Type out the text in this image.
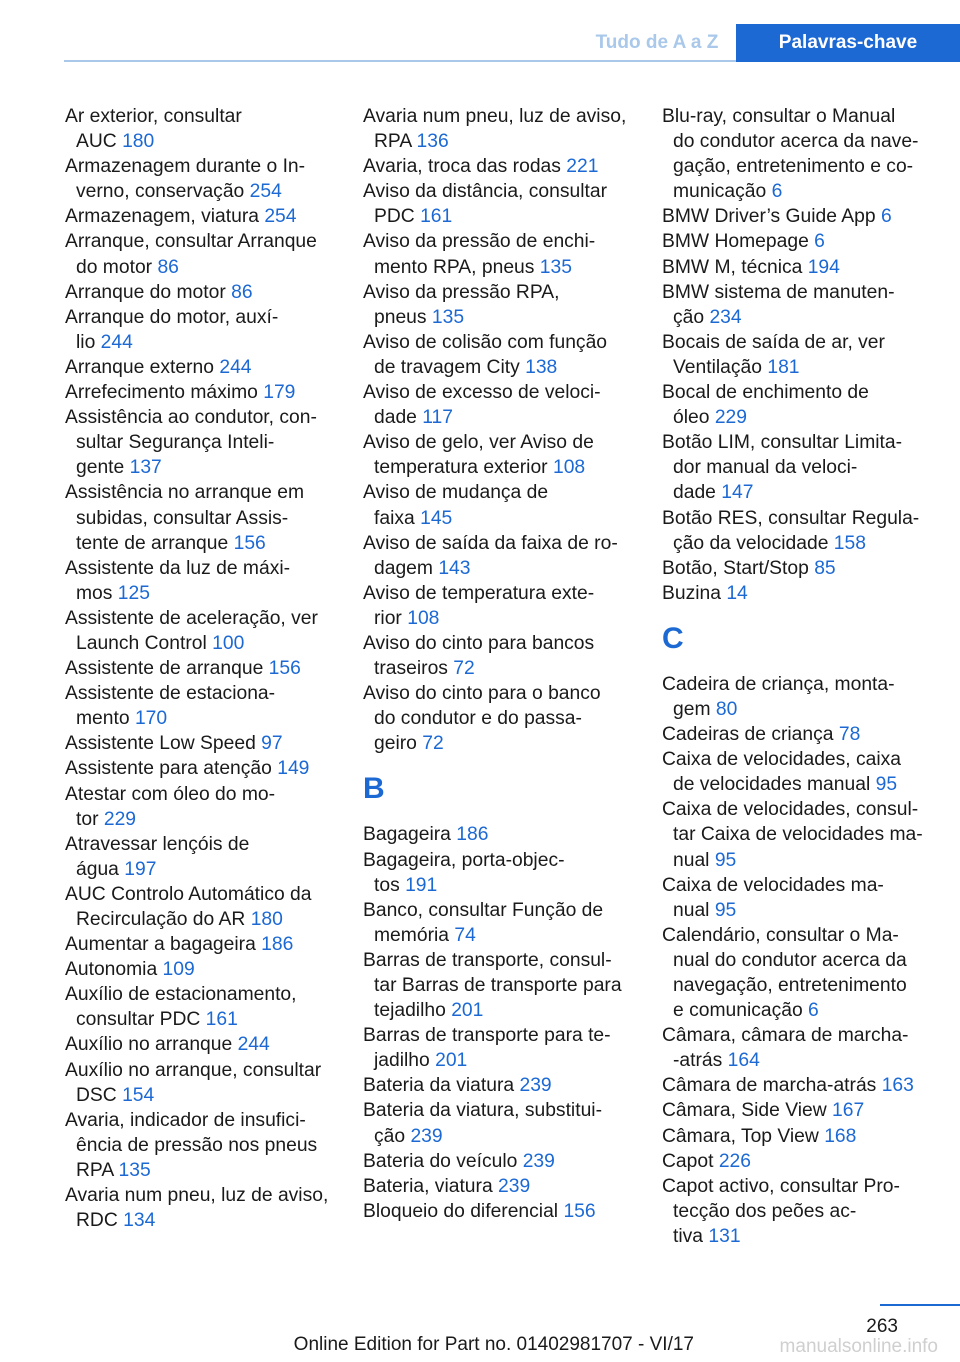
Tudo de A a Z	Palavras-chave
Ar exterior, consultar
AUC 180
Armazenagem durante o In-
verno, conservação 254
Armazenagem, viatura 254
Arranque, consultar Arranque
do motor 86
Arranque do motor 86
Arranque do motor, auxí-
lio 244
Arranque externo 244
Arrefecimento máximo 179
Assistência ao condutor, con-
sultar Segurança Inteli-
gente 137
Assistência no arranque em
subidas, consultar Assis-
tente de arranque 156
Assistente da luz de máxi-
mos 125
Assistente de aceleração, ver
Launch Control 100
Assistente de arranque 156
Assistente de estaciona-
mento 170
Assistente Low Speed 97
Assistente para atenção 149
Atestar com óleo do mo-
tor 229
Atravessar lençóis de
água 197
AUC Controlo Automático da
Recirculação do AR 180
Aumentar a bagageira 186
Autonomia 109
Auxílio de estacionamento,
consultar PDC 161
Auxílio no arranque 244
Auxílio no arranque, consultar
DSC 154
Avaria, indicador de insufici-
ência de pressão nos pneus
RPA 135
Avaria num pneu, luz de aviso,
RDC 134
Avaria num pneu, luz de aviso,
RPA 136
Avaria, troca das rodas 221
Aviso da distância, consultar
PDC 161
Aviso da pressão de enchi-
mento RPA, pneus 135
Aviso da pressão RPA,
pneus 135
Aviso de colisão com função
de travagem City 138
Aviso de excesso de veloci-
dade 117
Aviso de gelo, ver Aviso de
temperatura exterior 108
Aviso de mudança de
faixa 145
Aviso de saída da faixa de ro-
dagem 143
Aviso de temperatura exte-
rior 108
Aviso do cinto para bancos
traseiros 72
Aviso do cinto para o banco
do condutor e do passa-
geiro 72
B
Bagageira 186
Bagageira, porta-objec-
tos 191
Banco, consultar Função de
memória 74
Barras de transporte, consul-
tar Barras de transporte para
tejadilho 201
Barras de transporte para te-
jadilho 201
Bateria da viatura 239
Bateria da viatura, substitui-
ção 239
Bateria do veículo 239
Bateria, viatura 239
Bloqueio do diferencial 156
Blu-ray, consultar o Manual
do condutor acerca da nave-
gação, entretenimento e co-
municação 6
BMW Driver’s Guide App 6
BMW Homepage 6
BMW M, técnica 194
BMW sistema de manuten-
ção 234
Bocais de saída de ar, ver
Ventilação 181
Bocal de enchimento de
óleo 229
Botão LIM, consultar Limita-
dor manual da veloci-
dade 147
Botão RES, consultar Regula-
ção da velocidade 158
Botão, Start/Stop 85
Buzina 14
C
Cadeira de criança, monta-
gem 80
Cadeiras de criança 78
Caixa de velocidades, caixa
de velocidades manual 95
Caixa de velocidades, consul-
tar Caixa de velocidades ma-
nual 95
Caixa de velocidades ma-
nual 95
Calendário, consultar o Ma-
nual do condutor acerca da
navegação, entretenimento
e comunicação 6
Câmara, câmara de marcha-
-atrás 164
Câmara de marcha-atrás 163
Câmara, Side View 167
Câmara, Top View 168
Capot 226
Capot activo, consultar Pro-
tecção dos peões ac-
tiva 131
263
Online Edition for Part no. 01402981707 - VI/17	manualsonline.info
